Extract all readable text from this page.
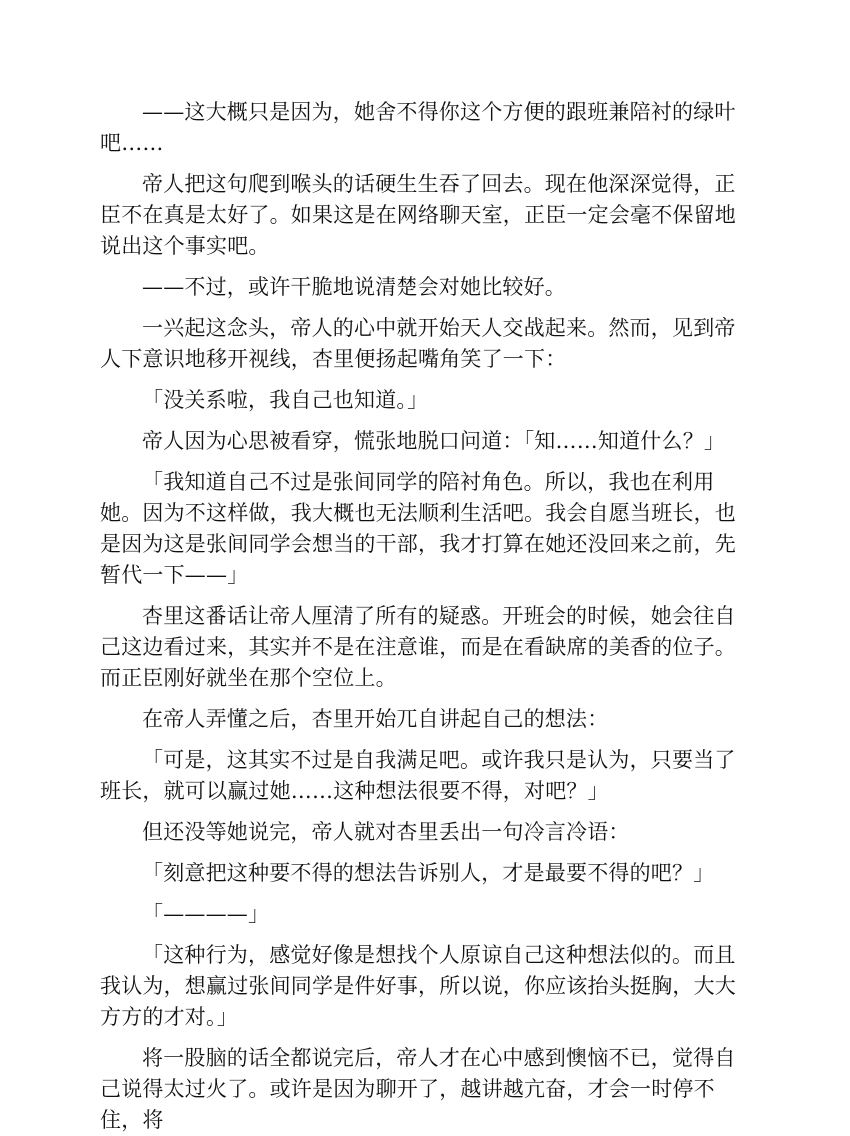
——这大概只是因为，她舍不得你这个方便的跟班兼陪衬的绿叶吧……

帝人把这句爬到喉头的话硬生生吞了回去。现在他深深觉得，正臣不在真是太好了。如果这是在网络聊天室，正臣一定会毫不保留地说出这个事实吧。

——不过，或许干脆地说清楚会对她比较好。

一兴起这念头，帝人的心中就开始天人交战起来。然而，见到帝人下意识地移开视线，杏里便扬起嘴角笑了一下：

「没关系啦，我自己也知道。」

帝人因为心思被看穿，慌张地脱口问道：「知……知道什么？」

「我知道自己不过是张间同学的陪衬角色。所以，我也在利用她。因为不这样做，我大概也无法顺利生活吧。我会自愿当班长，也是因为这是张间同学会想当的干部，我才打算在她还没回来之前，先暂代一下——」

杏里这番话让帝人厘清了所有的疑惑。开班会的时候，她会往自己这边看过来，其实并不是在注意谁，而是在看缺席的美香的位子。而正臣刚好就坐在那个空位上。

在帝人弄懂之后，杏里开始兀自讲起自己的想法：

「可是，这其实不过是自我满足吧。或许我只是认为，只要当了班长，就可以赢过她……这种想法很要不得，对吧？」

但还没等她说完，帝人就对杏里丢出一句冷言冷语：

「刻意把这种要不得的想法告诉别人，才是最要不得的吧？」

「————」

「这种行为，感觉好像是想找个人原谅自己这种想法似的。而且我认为，想赢过张间同学是件好事，所以说，你应该抬头挺胸，大大方方的才对。」

将一股脑的话全都说完后，帝人才在心中感到懊恼不已，觉得自己说得太过火了。或许是因为聊开了，越讲越亢奋，才会一时停不住，将
